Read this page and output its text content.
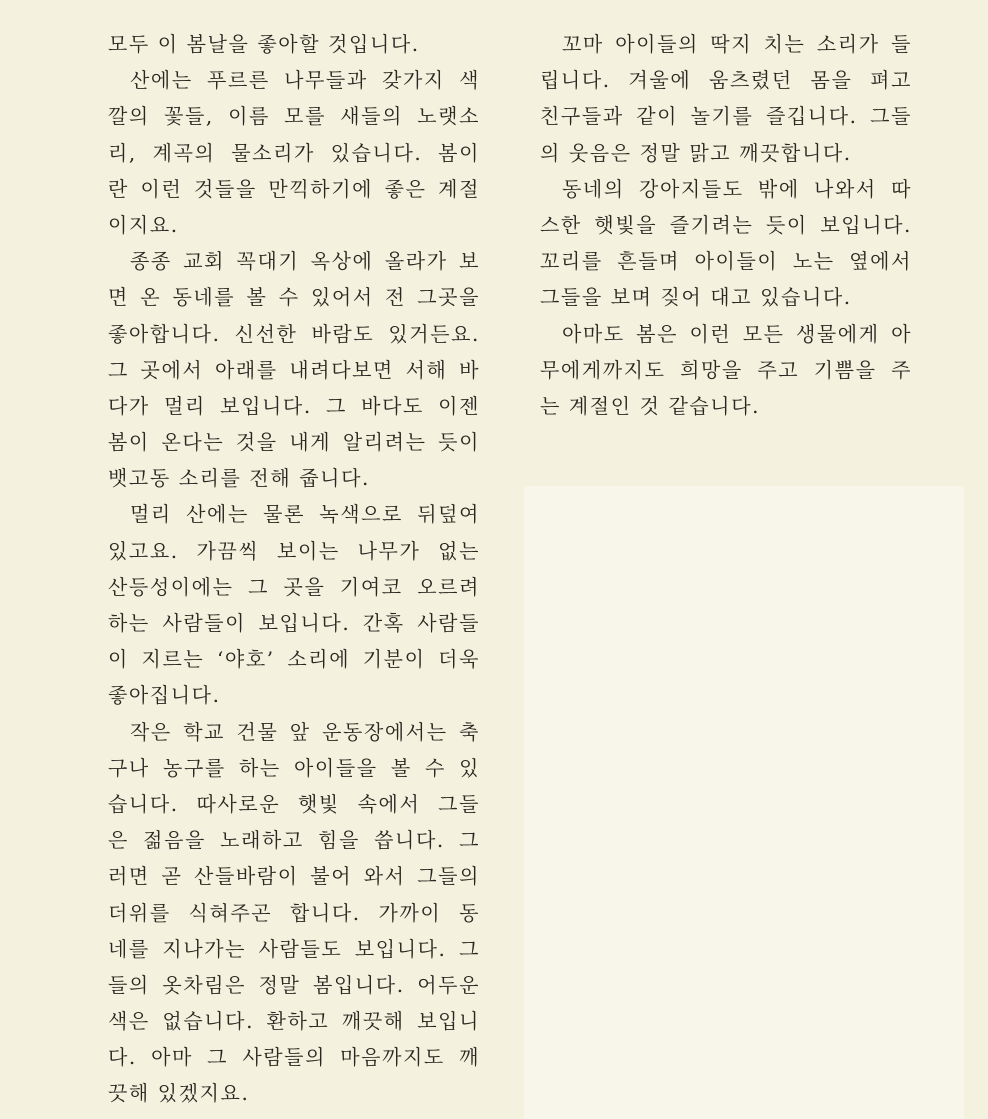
모두 이 봄날을 좋아할 것입니다.
산에는 푸르른 나무들과 갖가지 색
깔의 꽃들, 이름 모를 새들의 노랫소
리, 계곡의 물소리가 있습니다. 봄이
란 이런 것들을 만끽하기에 좋은 계절
이지요.
종종 교회 꼭대기 옥상에 올라가 보
면 온 동네를 볼 수 있어서 전 그곳을
좋아합니다. 신선한 바람도 있거든요.
그 곳에서 아래를 내려다보면 서해 바
다가 멀리 보입니다. 그 바다도 이젠
봄이 온다는 것을 내게 알리려는 듯이
뱃고동 소리를 전해 줍니다.
멀리 산에는 물론 녹색으로 뒤덮여
있고요. 가끔씩 보이는 나무가 없는
산등성이에는 그 곳을 기여코 오르려
하는 사람들이 보입니다. 간혹 사람들
이 지르는 ‘야호’ 소리에 기분이 더욱
좋아집니다.
작은 학교 건물 앞 운동장에서는 축
구나 농구를 하는 아이들을 볼 수 있
습니다. 따사로운 햇빛 속에서 그들
은 젊음을 노래하고 힘을 씁니다. 그
러면 곧 산들바람이 불어 와서 그들의
더위를 식혀주곤 합니다. 가까이 동
네를 지나가는 사람들도 보입니다. 그
들의 옷차림은 정말 봄입니다. 어두운
색은 없습니다. 환하고 깨끗해 보입니
다. 아마 그 사람들의 마음까지도 깨
끗해 있겠지요.
꼬마 아이들의 딱지 치는 소리가 들
립니다. 겨울에 움츠렸던 몸을 펴고
친구들과 같이 놀기를 즐깁니다. 그들
의 웃음은 정말 맑고 깨끗합니다.
동네의 강아지들도 밖에 나와서 따
스한 햇빛을 즐기려는 듯이 보입니다.
꼬리를 흔들며 아이들이 노는 옆에서
그들을 보며 짖어 대고 있습니다.
아마도 봄은 이런 모든 생물에게 아
무에게까지도 희망을 주고 기쁨을 주
는 계절인 것 같습니다.
